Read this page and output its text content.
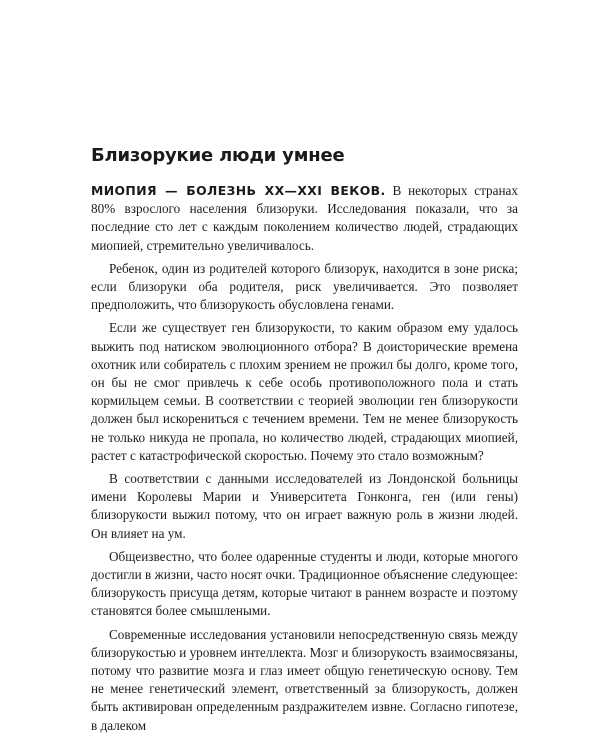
Близорукие люди умнее

МИОПИЯ — БОЛЕЗНЬ XX—XXI ВЕКОВ. В некоторых странах 80% взрослого населения близоруки. Исследования показали, что за последние сто лет с каждым поколением количество людей, страдающих миопией, стремительно увеличивалось.

Ребенок, один из родителей которого близорук, находится в зоне риска; если близоруки оба родителя, риск увеличивается. Это позволяет предположить, что близорукость обусловлена генами.

Если же существует ген близорукости, то каким образом ему удалось выжить под натиском эволюционного отбора? В доисторические времена охотник или собиратель с плохим зрением не прожил бы долго, кроме того, он бы не смог привлечь к себе особь противоположного пола и стать кормильцем семьи. В соответствии с теорией эволюции ген близорукости должен был искорениться с течением времени. Тем не менее близорукость не только никуда не пропала, но количество людей, страдающих миопией, растет с катастрофической скоростью. Почему это стало возможным?

В соответствии с данными исследователей из Лондонской больницы имени Королевы Марии и Университета Гонконга, ген (или гены) близорукости выжил потому, что он играет важную роль в жизни людей. Он влияет на ум.

Общеизвестно, что более одаренные студенты и люди, которые многого достигли в жизни, часто носят очки. Традиционное объяснение следующее: близорукость присуща детям, которые читают в раннем возрасте и поэтому становятся более смышлеными.

Современные исследования установили непосредственную связь между близорукостью и уровнем интеллекта. Мозг и близорукость взаимосвязаны, потому что развитие мозга и глаз имеет общую генетическую основу. Тем не менее генетический элемент, ответственный за близорукость, должен быть активирован определенным раздражителем извне. Согласно гипотезе, в далеком
